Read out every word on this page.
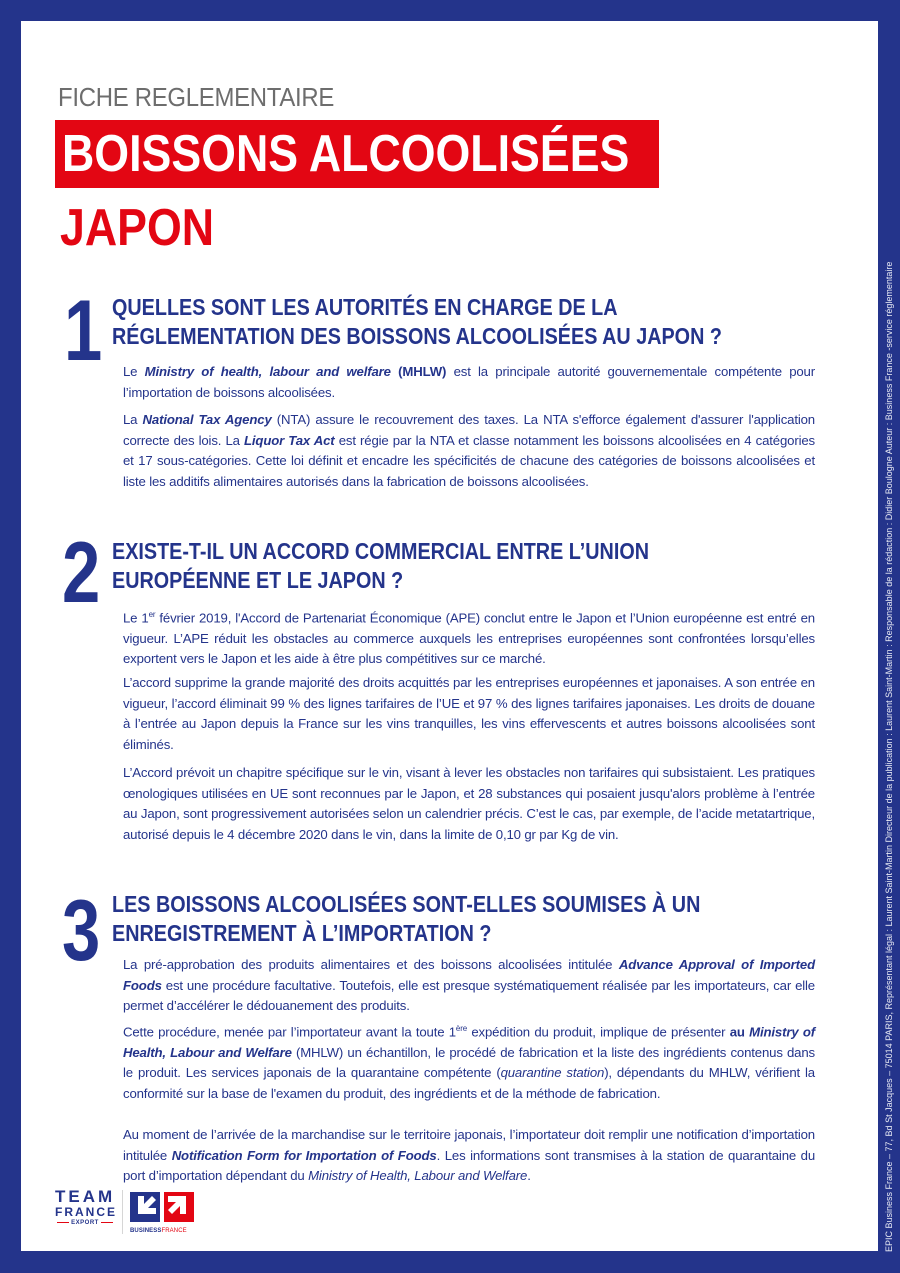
EPIC Business France – 77, Bd St Jacques – 75014 PARIS, Représentant légal : Laurent Saint-Martin Directeur de la publication : Laurent Saint-Martin : Responsable de la rédaction : Didier Boulogne Auteur : Business France -service réglementaire
FICHE REGLEMENTAIRE
BOISSONS ALCOOLISÉES
JAPON
1 QUELLES SONT LES AUTORITÉS EN CHARGE DE LA
RÉGLEMENTATION DES BOISSONS ALCOOLISÉES AU JAPON ?
Le Ministry of health, labour and welfare (MHLW) est la principale autorité gouvernementale compétente pour l’importation de boissons alcoolisées.
La National Tax Agency (NTA) assure le recouvrement des taxes. La NTA s'efforce également d'assurer l'application correcte des lois. La Liquor Tax Act est régie par la NTA et classe notamment les boissons alcoolisées en 4 catégories et 17 sous-catégories. Cette loi définit et encadre les spécificités de chacune des catégories de boissons alcoolisées et liste les additifs alimentaires autorisés dans la fabrication de boissons alcoolisées.
2 EXISTE-T-IL UN ACCORD COMMERCIAL ENTRE L’UNION
EUROPÉENNE ET LE JAPON ?
Le 1er février 2019, l'Accord de Partenariat Économique (APE) conclut entre le Japon et l’Union européenne est entré en vigueur. L’APE réduit les obstacles au commerce auxquels les entreprises européennes sont confrontées lorsqu’elles exportent vers le Japon et les aide à être plus compétitives sur ce marché.
L’accord supprime la grande majorité des droits acquittés par les entreprises européennes et japonaises. A son entrée en vigueur, l’accord éliminait 99 % des lignes tarifaires de l’UE et 97 % des lignes tarifaires japonaises. Les droits de douane à l’entrée au Japon depuis la France sur les vins tranquilles, les vins effervescents et autres boissons alcoolisées sont éliminés.
L’Accord prévoit un chapitre spécifique sur le vin, visant à lever les obstacles non tarifaires qui subsistaient. Les pratiques œnologiques utilisées en UE sont reconnues par le Japon, et 28 substances qui posaient jusqu'alors problème à l’entrée au Japon, sont progressivement autorisées selon un calendrier précis. C’est le cas, par exemple, de l’acide metatartrique, autorisé depuis le 4 décembre 2020 dans le vin, dans la limite de 0,10 gr par Kg de vin.
3 LES BOISSONS ALCOOLISÉES SONT-ELLES SOUMISES À UN
ENREGISTREMENT À L’IMPORTATION ?
La pré-approbation des produits alimentaires et des boissons alcoolisées intitulée Advance Approval of Imported Foods est une procédure facultative. Toutefois, elle est presque systématiquement réalisée par les importateurs, car elle permet d’accélérer le dédouanement des produits.
Cette procédure, menée par l’importateur avant la toute 1ère expédition du produit, implique de présenter au Ministry of Health, Labour and Welfare (MHLW) un échantillon, le procédé de fabrication et la liste des ingrédients contenus dans le produit. Les services japonais de la quarantaine compétente (quarantine station), dépendants du MHLW, vérifient la conformité sur la base de l'examen du produit, des ingrédients et de la méthode de fabrication.
Au moment de l’arrivée de la marchandise sur le territoire japonais, l’importateur doit remplir une notification d’importation intitulée Notification Form for Importation of Foods. Les informations sont transmises à la station de quarantaine du port d’importation dépendant du Ministry of Health, Labour and Welfare.
TEAM
FRANCE
EXPORT
BUSINESSFRANCE
